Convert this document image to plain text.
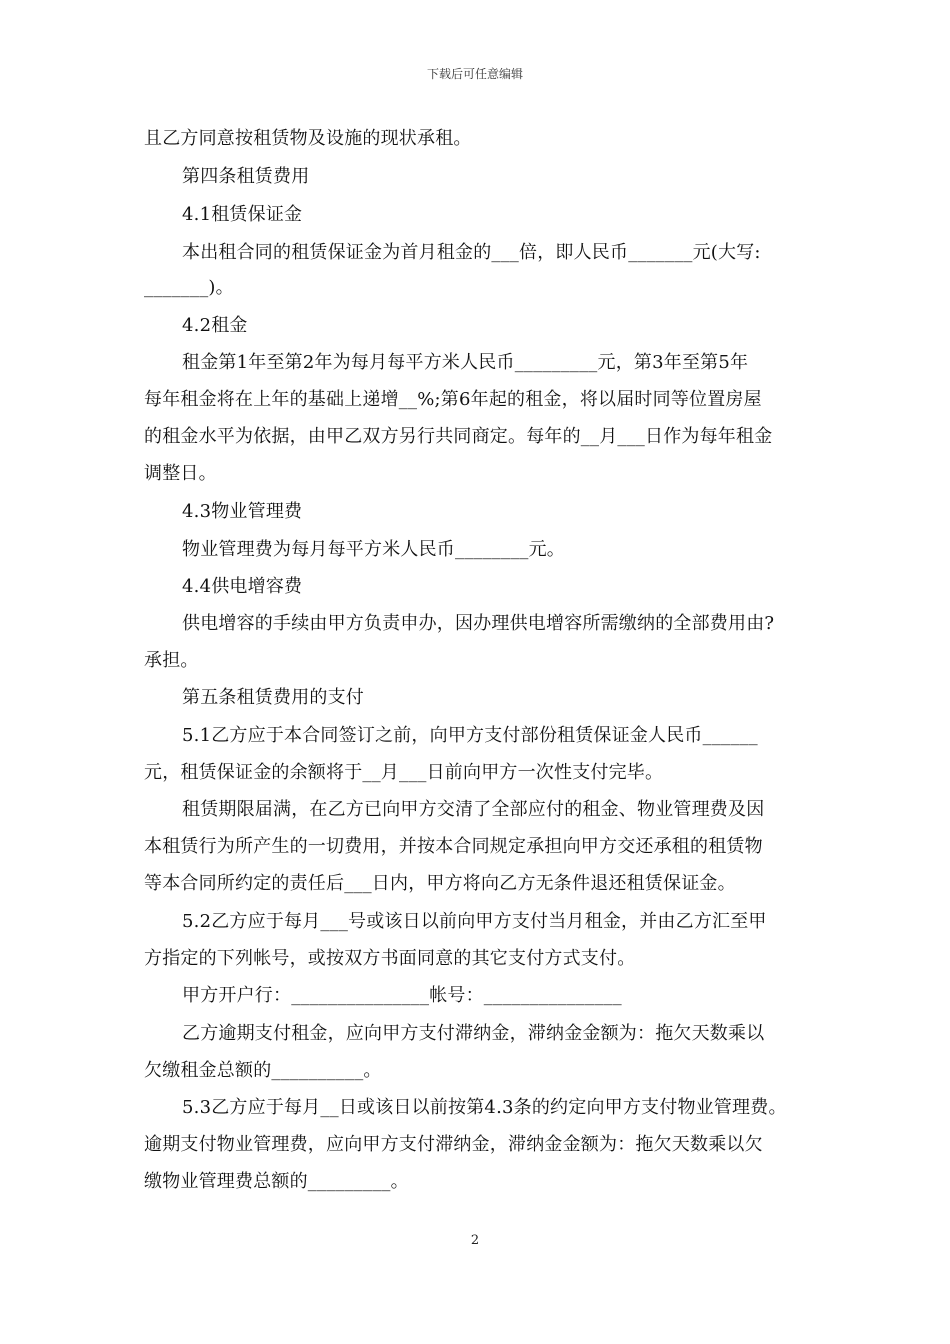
下载后可任意编辑
且乙方同意按租赁物及设施的现状承租。
第四条租赁费用
4.1租赁保证金
本出租合同的租赁保证金为首月租金的___倍，即人民币_______元(大写:
_______)。
4.2租金
租金第1年至第2年为每月每平方米人民币_________元，第3年至第5年
每年租金将在上年的基础上递增__%;第6年起的租金，将以届时同等位置房屋
的租金水平为依据，由甲乙双方另行共同商定。每年的__月___日作为每年租金
调整日。
4.3物业管理费
物业管理费为每月每平方米人民币________元。
4.4供电增容费
供电增容的手续由甲方负责申办，因办理供电增容所需缴纳的全部费用由?
承担。
第五条租赁费用的支付
5.1乙方应于本合同签订之前，向甲方支付部份租赁保证金人民币______
元，租赁保证金的余额将于__月___日前向甲方一次性支付完毕。
租赁期限届满，在乙方已向甲方交清了全部应付的租金、物业管理费及因
本租赁行为所产生的一切费用，并按本合同规定承担向甲方交还承租的租赁物
等本合同所约定的责任后___日内，甲方将向乙方无条件退还租赁保证金。
5.2乙方应于每月___号或该日以前向甲方支付当月租金，并由乙方汇至甲
方指定的下列帐号，或按双方书面同意的其它支付方式支付。
甲方开户行：_______________帐号：_______________
乙方逾期支付租金，应向甲方支付滞纳金，滞纳金金额为：拖欠天数乘以
欠缴租金总额的__________。
5.3乙方应于每月__日或该日以前按第4.3条的约定向甲方支付物业管理费。
逾期支付物业管理费，应向甲方支付滞纳金，滞纳金金额为：拖欠天数乘以欠
缴物业管理费总额的_________。
2
